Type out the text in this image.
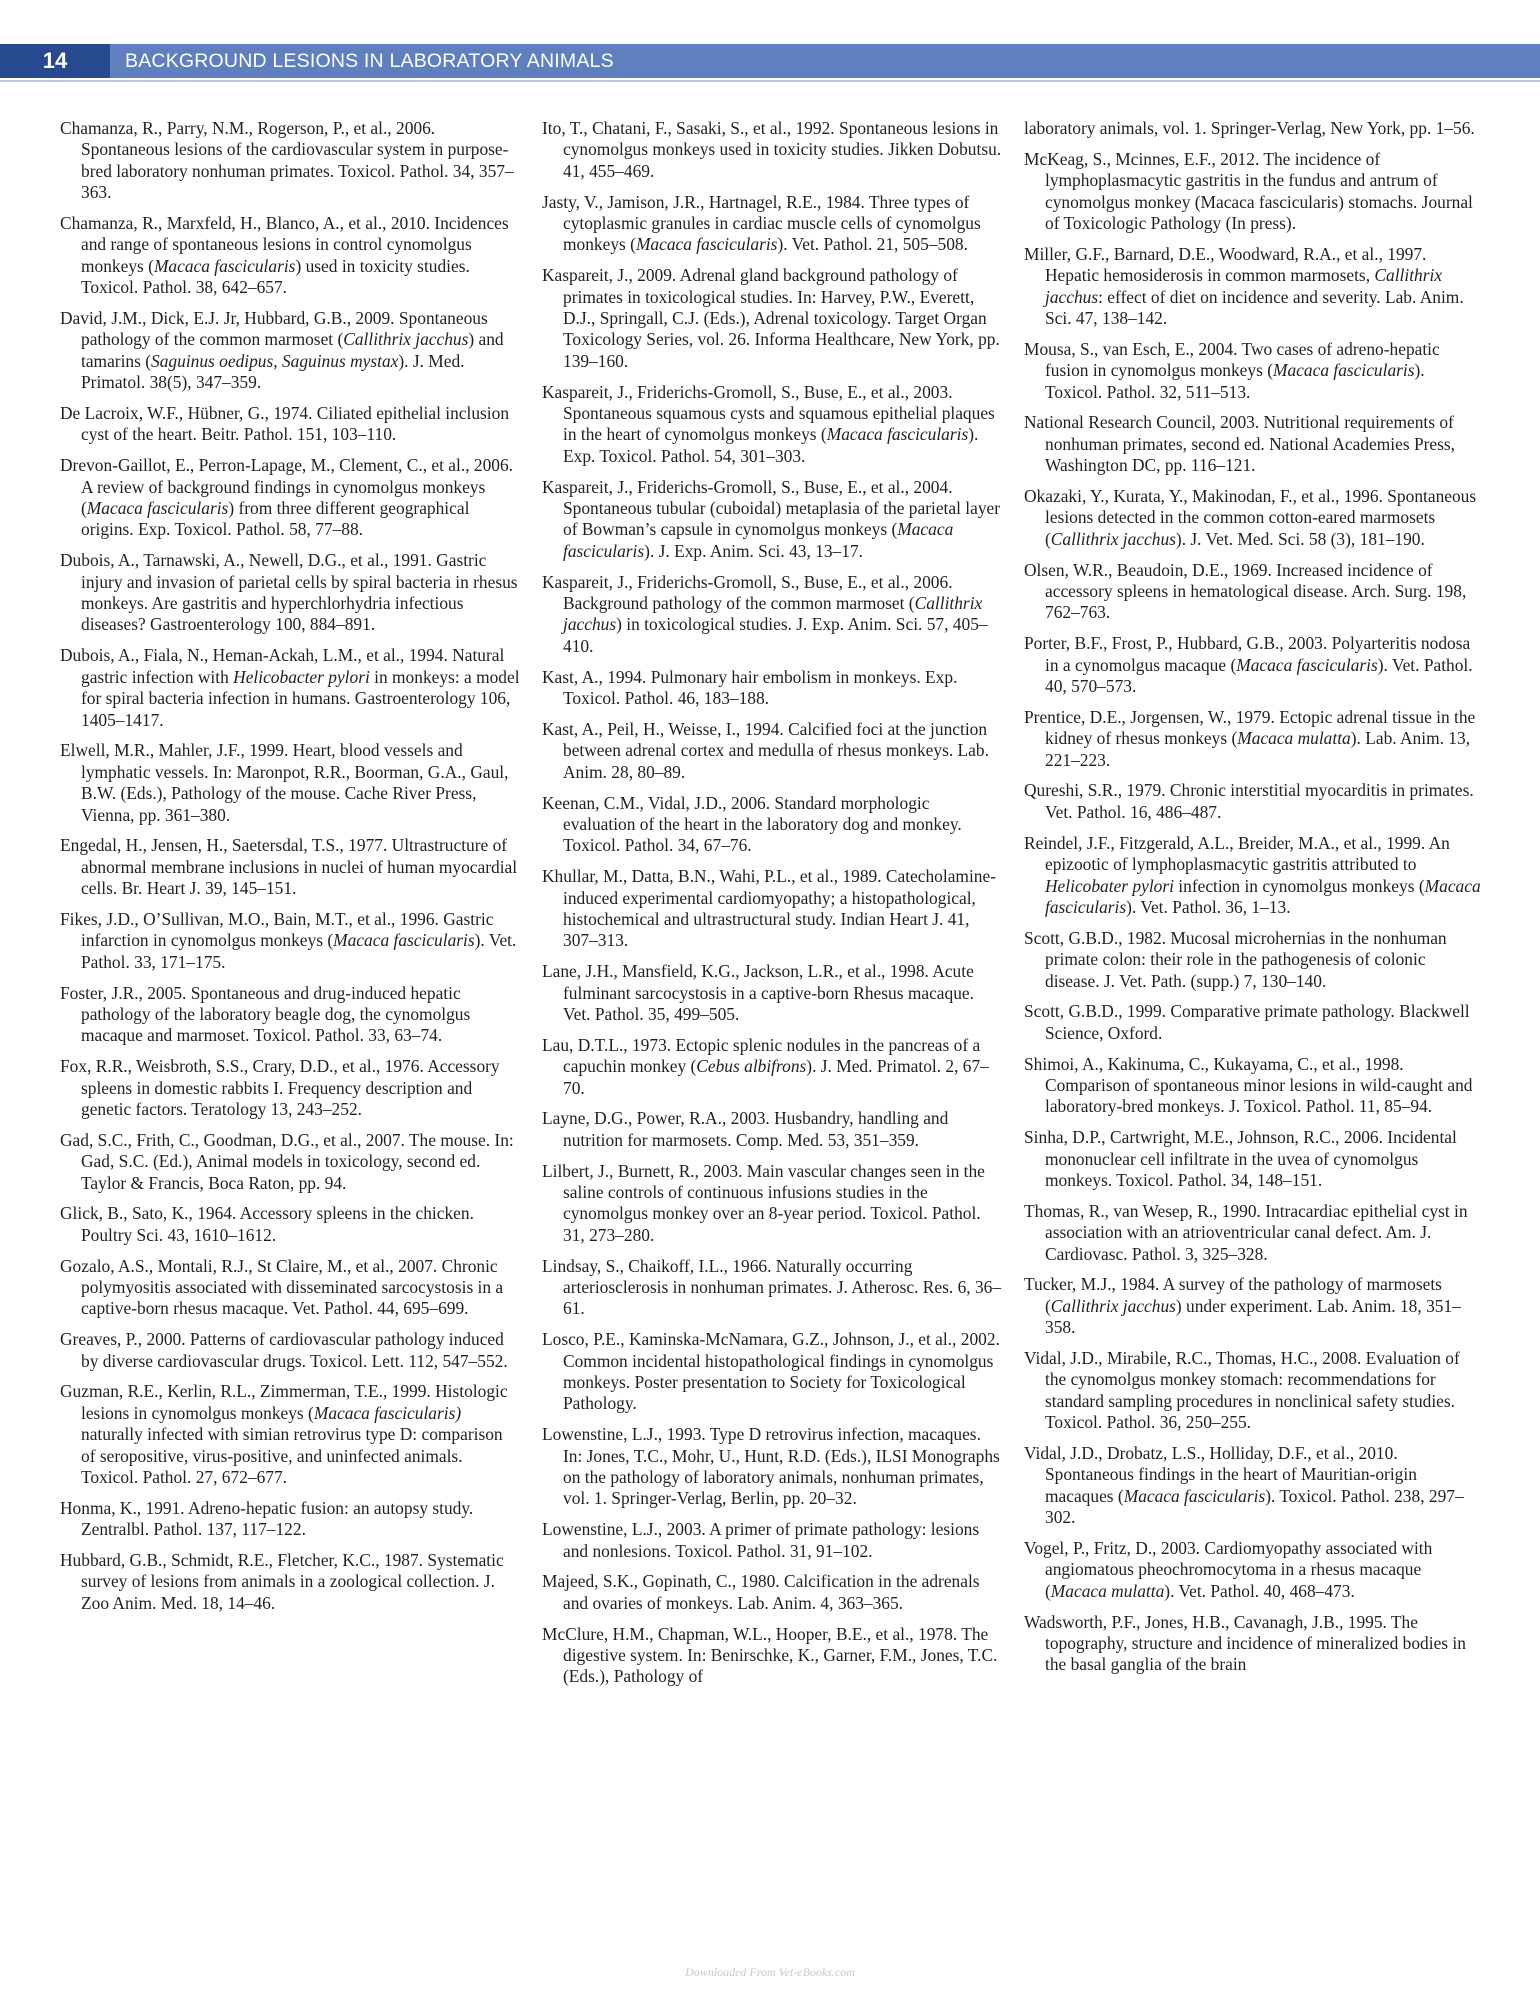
14	BACKGROUND LESIONS IN LABORATORY ANIMALS

Chamanza, R., Parry, N.M., Rogerson, P., et al., 2006. Spontaneous lesions of the cardiovascular system in purpose-bred laboratory nonhuman primates. Toxicol. Pathol. 34, 357–363.

Chamanza, R., Marxfeld, H., Blanco, A., et al., 2010. Incidences and range of spontaneous lesions in control cynomolgus monkeys (Macaca fascicularis) used in toxicity studies. Toxicol. Pathol. 38, 642–657.

David, J.M., Dick, E.J. Jr, Hubbard, G.B., 2009. Spontaneous pathology of the common marmoset (Callithrix jacchus) and tamarins (Saguinus oedipus, Saguinus mystax). J. Med. Primatol. 38(5), 347–359.

De Lacroix, W.F., Hübner, G., 1974. Ciliated epithelial inclusion cyst of the heart. Beitr. Pathol. 151, 103–110.

Drevon-Gaillot, E., Perron-Lapage, M., Clement, C., et al., 2006. A review of background findings in cynomolgus monkeys (Macaca fascicularis) from three different geographical origins. Exp. Toxicol. Pathol. 58, 77–88.

Dubois, A., Tarnawski, A., Newell, D.G., et al., 1991. Gastric injury and invasion of parietal cells by spiral bacteria in rhesus monkeys. Are gastritis and hyperchlorhydria infectious diseases? Gastroenterology 100, 884–891.

Dubois, A., Fiala, N., Heman-Ackah, L.M., et al., 1994. Natural gastric infection with Helicobacter pylori in monkeys: a model for spiral bacteria infection in humans. Gastroenterology 106, 1405–1417.

Elwell, M.R., Mahler, J.F., 1999. Heart, blood vessels and lymphatic vessels. In: Maronpot, R.R., Boorman, G.A., Gaul, B.W. (Eds.), Pathology of the mouse. Cache River Press, Vienna, pp. 361–380.

Engedal, H., Jensen, H., Saetersdal, T.S., 1977. Ultrastructure of abnormal membrane inclusions in nuclei of human myocardial cells. Br. Heart J. 39, 145–151.

Fikes, J.D., O’Sullivan, M.O., Bain, M.T., et al., 1996. Gastric infarction in cynomolgus monkeys (Macaca fascicularis). Vet. Pathol. 33, 171–175.

Foster, J.R., 2005. Spontaneous and drug-induced hepatic pathology of the laboratory beagle dog, the cynomolgus macaque and marmoset. Toxicol. Pathol. 33, 63–74.

Fox, R.R., Weisbroth, S.S., Crary, D.D., et al., 1976. Accessory spleens in domestic rabbits I. Frequency description and genetic factors. Teratology 13, 243–252.

Gad, S.C., Frith, C., Goodman, D.G., et al., 2007. The mouse. In: Gad, S.C. (Ed.), Animal models in toxicology, second ed. Taylor & Francis, Boca Raton, pp. 94.

Glick, B., Sato, K., 1964. Accessory spleens in the chicken. Poultry Sci. 43, 1610–1612.

Gozalo, A.S., Montali, R.J., St Claire, M., et al., 2007. Chronic polymyositis associated with disseminated sarcocystosis in a captive-born rhesus macaque. Vet. Pathol. 44, 695–699.

Greaves, P., 2000. Patterns of cardiovascular pathology induced by diverse cardiovascular drugs. Toxicol. Lett. 112, 547–552.

Guzman, R.E., Kerlin, R.L., Zimmerman, T.E., 1999. Histologic lesions in cynomolgus monkeys (Macaca fascicularis) naturally infected with simian retrovirus type D: comparison of seropositive, virus-positive, and uninfected animals. Toxicol. Pathol. 27, 672–677.

Honma, K., 1991. Adreno-hepatic fusion: an autopsy study. Zentralbl. Pathol. 137, 117–122.

Hubbard, G.B., Schmidt, R.E., Fletcher, K.C., 1987. Systematic survey of lesions from animals in a zoological collection. J. Zoo Anim. Med. 18, 14–46.

Ito, T., Chatani, F., Sasaki, S., et al., 1992. Spontaneous lesions in cynomolgus monkeys used in toxicity studies. Jikken Dobutsu. 41, 455–469.

Jasty, V., Jamison, J.R., Hartnagel, R.E., 1984. Three types of cytoplasmic granules in cardiac muscle cells of cynomolgus monkeys (Macaca fascicularis). Vet. Pathol. 21, 505–508.

Kaspareit, J., 2009. Adrenal gland background pathology of primates in toxicological studies. In: Harvey, P.W., Everett, D.J., Springall, C.J. (Eds.), Adrenal toxicology. Target Organ Toxicology Series, vol. 26. Informa Healthcare, New York, pp. 139–160.

Kaspareit, J., Friderichs-Gromoll, S., Buse, E., et al., 2003. Spontaneous squamous cysts and squamous epithelial plaques in the heart of cynomolgus monkeys (Macaca fascicularis). Exp. Toxicol. Pathol. 54, 301–303.

Kaspareit, J., Friderichs-Gromoll, S., Buse, E., et al., 2004. Spontaneous tubular (cuboidal) metaplasia of the parietal layer of Bowman’s capsule in cynomolgus monkeys (Macaca fascicularis). J. Exp. Anim. Sci. 43, 13–17.

Kaspareit, J., Friderichs-Gromoll, S., Buse, E., et al., 2006. Background pathology of the common marmoset (Callithrix jacchus) in toxicological studies. J. Exp. Anim. Sci. 57, 405–410.

Kast, A., 1994. Pulmonary hair embolism in monkeys. Exp. Toxicol. Pathol. 46, 183–188.

Kast, A., Peil, H., Weisse, I., 1994. Calcified foci at the junction between adrenal cortex and medulla of rhesus monkeys. Lab. Anim. 28, 80–89.

Keenan, C.M., Vidal, J.D., 2006. Standard morphologic evaluation of the heart in the laboratory dog and monkey. Toxicol. Pathol. 34, 67–76.

Khullar, M., Datta, B.N., Wahi, P.L., et al., 1989. Catecholamine-induced experimental cardiomyopathy; a histopathological, histochemical and ultrastructural study. Indian Heart J. 41, 307–313.

Lane, J.H., Mansfield, K.G., Jackson, L.R., et al., 1998. Acute fulminant sarcocystosis in a captive-born Rhesus macaque. Vet. Pathol. 35, 499–505.

Lau, D.T.L., 1973. Ectopic splenic nodules in the pancreas of a capuchin monkey (Cebus albifrons). J. Med. Primatol. 2, 67–70.

Layne, D.G., Power, R.A., 2003. Husbandry, handling and nutrition for marmosets. Comp. Med. 53, 351–359.

Lilbert, J., Burnett, R., 2003. Main vascular changes seen in the saline controls of continuous infusions studies in the cynomolgus monkey over an 8-year period. Toxicol. Pathol. 31, 273–280.

Lindsay, S., Chaikoff, I.L., 1966. Naturally occurring arteriosclerosis in nonhuman primates. J. Atherosc. Res. 6, 36–61.

Losco, P.E., Kaminska-McNamara, G.Z., Johnson, J., et al., 2002. Common incidental histopathological findings in cynomolgus monkeys. Poster presentation to Society for Toxicological Pathology.

Lowenstine, L.J., 1993. Type D retrovirus infection, macaques. In: Jones, T.C., Mohr, U., Hunt, R.D. (Eds.), ILSI Monographs on the pathology of laboratory animals, nonhuman primates, vol. 1. Springer-Verlag, Berlin, pp. 20–32.

Lowenstine, L.J., 2003. A primer of primate pathology: lesions and nonlesions. Toxicol. Pathol. 31, 91–102.

Majeed, S.K., Gopinath, C., 1980. Calcification in the adrenals and ovaries of monkeys. Lab. Anim. 4, 363–365.

McClure, H.M., Chapman, W.L., Hooper, B.E., et al., 1978. The digestive system. In: Benirschke, K., Garner, F.M., Jones, T.C. (Eds.), Pathology of

laboratory animals, vol. 1. Springer-Verlag, New York, pp. 1–56.

McKeag, S., Mcinnes, E.F., 2012. The incidence of lymphoplasmacytic gastritis in the fundus and antrum of cynomolgus monkey (Macaca fascicularis) stomachs. Journal of Toxicologic Pathology (In press).

Miller, G.F., Barnard, D.E., Woodward, R.A., et al., 1997. Hepatic hemosiderosis in common marmosets, Callithrix jacchus: effect of diet on incidence and severity. Lab. Anim. Sci. 47, 138–142.

Mousa, S., van Esch, E., 2004. Two cases of adreno-hepatic fusion in cynomolgus monkeys (Macaca fascicularis). Toxicol. Pathol. 32, 511–513.

National Research Council, 2003. Nutritional requirements of nonhuman primates, second ed. National Academies Press, Washington DC, pp. 116–121.

Okazaki, Y., Kurata, Y., Makinodan, F., et al., 1996. Spontaneous lesions detected in the common cotton-eared marmosets (Callithrix jacchus). J. Vet. Med. Sci. 58 (3), 181–190.

Olsen, W.R., Beaudoin, D.E., 1969. Increased incidence of accessory spleens in hematological disease. Arch. Surg. 198, 762–763.

Porter, B.F., Frost, P., Hubbard, G.B., 2003. Polyarteritis nodosa in a cynomolgus macaque (Macaca fascicularis). Vet. Pathol. 40, 570–573.

Prentice, D.E., Jorgensen, W., 1979. Ectopic adrenal tissue in the kidney of rhesus monkeys (Macaca mulatta). Lab. Anim. 13, 221–223.

Qureshi, S.R., 1979. Chronic interstitial myocarditis in primates. Vet. Pathol. 16, 486–487.

Reindel, J.F., Fitzgerald, A.L., Breider, M.A., et al., 1999. An epizootic of lymphoplasmacytic gastritis attributed to Helicobater pylori infection in cynomolgus monkeys (Macaca fascicularis). Vet. Pathol. 36, 1–13.

Scott, G.B.D., 1982. Mucosal microhernias in the nonhuman primate colon: their role in the pathogenesis of colonic disease. J. Vet. Path. (supp.) 7, 130–140.

Scott, G.B.D., 1999. Comparative primate pathology. Blackwell Science, Oxford.

Shimoi, A., Kakinuma, C., Kukayama, C., et al., 1998. Comparison of spontaneous minor lesions in wild-caught and laboratory-bred monkeys. J. Toxicol. Pathol. 11, 85–94.

Sinha, D.P., Cartwright, M.E., Johnson, R.C., 2006. Incidental mononuclear cell infiltrate in the uvea of cynomolgus monkeys. Toxicol. Pathol. 34, 148–151.

Thomas, R., van Wesep, R., 1990. Intracardiac epithelial cyst in association with an atrioventricular canal defect. Am. J. Cardiovasc. Pathol. 3, 325–328.

Tucker, M.J., 1984. A survey of the pathology of marmosets (Callithrix jacchus) under experiment. Lab. Anim. 18, 351–358.

Vidal, J.D., Mirabile, R.C., Thomas, H.C., 2008. Evaluation of the cynomolgus monkey stomach: recommendations for standard sampling procedures in nonclinical safety studies. Toxicol. Pathol. 36, 250–255.

Vidal, J.D., Drobatz, L.S., Holliday, D.F., et al., 2010. Spontaneous findings in the heart of Mauritian-origin macaques (Macaca fascicularis). Toxicol. Pathol. 238, 297–302.

Vogel, P., Fritz, D., 2003. Cardiomyopathy associated with angiomatous pheochromocytoma in a rhesus macaque (Macaca mulatta). Vet. Pathol. 40, 468–473.

Wadsworth, P.F., Jones, H.B., Cavanagh, J.B., 1995. The topography, structure and incidence of mineralized bodies in the basal ganglia of the brain

Downloaded From Vet-eBooks.com
